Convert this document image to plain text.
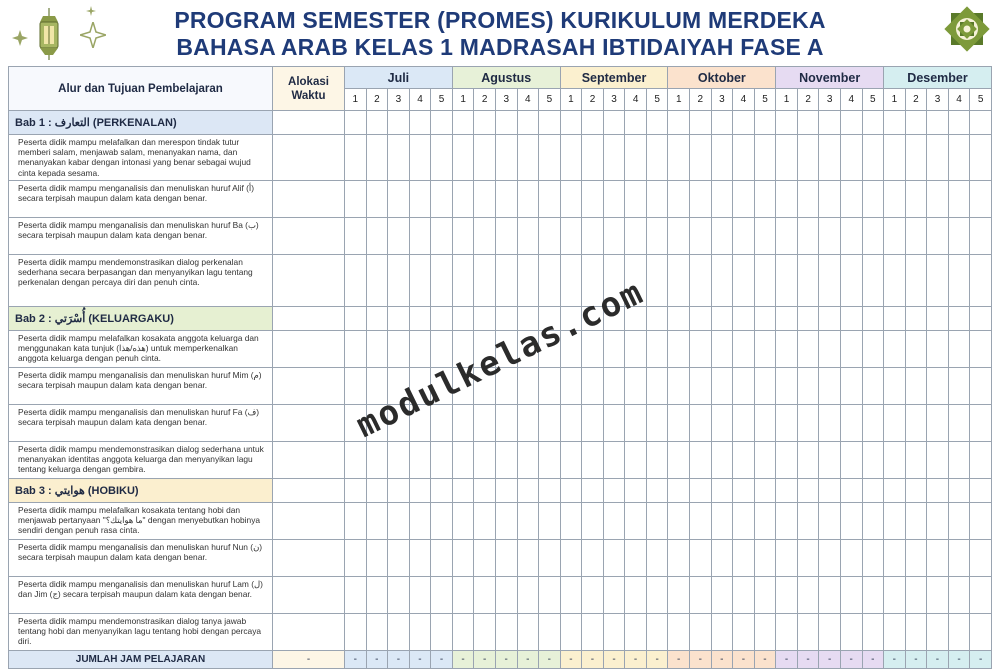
PROGRAM SEMESTER (PROMES) KURIKULUM MERDEKA
BAHASA ARAB KELAS 1 MADRASAH IBTIDAIYAH FASE A
Alur dan Tujuan Pembelajaran	Alokasi Waktu	Juli					Agustus					September					Oktober					November					Desember				
		1	2	3	4	5	1	2	3	4	5	1	2	3	4	5	1	2	3	4	5	1	2	3	4	5	1	2	3	4	5
Bab 1 : التعارف (PERKENALAN)																															
Peserta didik mampu melafalkan dan merespon tindak tutur memberi salam, menjawab salam, menanyakan nama, dan menanyakan kabar dengan intonasi yang benar sebagai wujud cinta kepada sesama.																															
Peserta didik mampu menganalisis dan menuliskan huruf Alif (أ) secara terpisah maupun dalam kata dengan benar.																															
Peserta didik mampu menganalisis dan menuliskan huruf Ba (ب) secara terpisah maupun dalam kata dengan benar.																															
Peserta didik mampu mendemonstrasikan dialog perkenalan sederhana secara berpasangan dan menyanyikan lagu tentang perkenalan dengan percaya diri dan penuh cinta.																															
Bab 2 : أُسْرَتي (KELUARGAKU)																															
Peserta didik mampu melafalkan kosakata anggota keluarga dan menggunakan kata tunjuk (هذه/هذا) untuk memperkenalkan anggota keluarga dengan penuh cinta.																															
Peserta didik mampu menganalisis dan menuliskan huruf Mim (م) secara terpisah maupun dalam kata dengan benar.																															
Peserta didik mampu menganalisis dan menuliskan huruf Fa (ف) secara terpisah maupun dalam kata dengan benar.																															
Peserta didik mampu mendemonstrasikan dialog sederhana untuk menanyakan identitas anggota keluarga dan menyanyikan lagu tentang keluarga dengan gembira.																															
Bab 3 : هوايتي (HOBIKU)																															
Peserta didik mampu melafalkan kosakata tentang hobi dan menjawab pertanyaan "ما هوايتك؟" dengan menyebutkan hobinya sendiri dengan penuh rasa cinta.																															
Peserta didik mampu menganalisis dan menuliskan huruf Nun (ن) secara terpisah maupun dalam kata dengan benar.																															
Peserta didik mampu menganalisis dan menuliskan huruf Lam (ل) dan Jim (ج) secara terpisah maupun dalam kata dengan benar.																															
Peserta didik mampu mendemonstrasikan dialog tanya jawab tentang hobi dan menyanyikan lagu tentang hobi dengan percaya diri.																															
JUMLAH JAM PELAJARAN	-	-	-	-	-	-	-	-	-	-	-	-	-	-	-	-	-	-	-	-	-	-	-	-	-	-	-	-	-	-	-
modulkelas.com
